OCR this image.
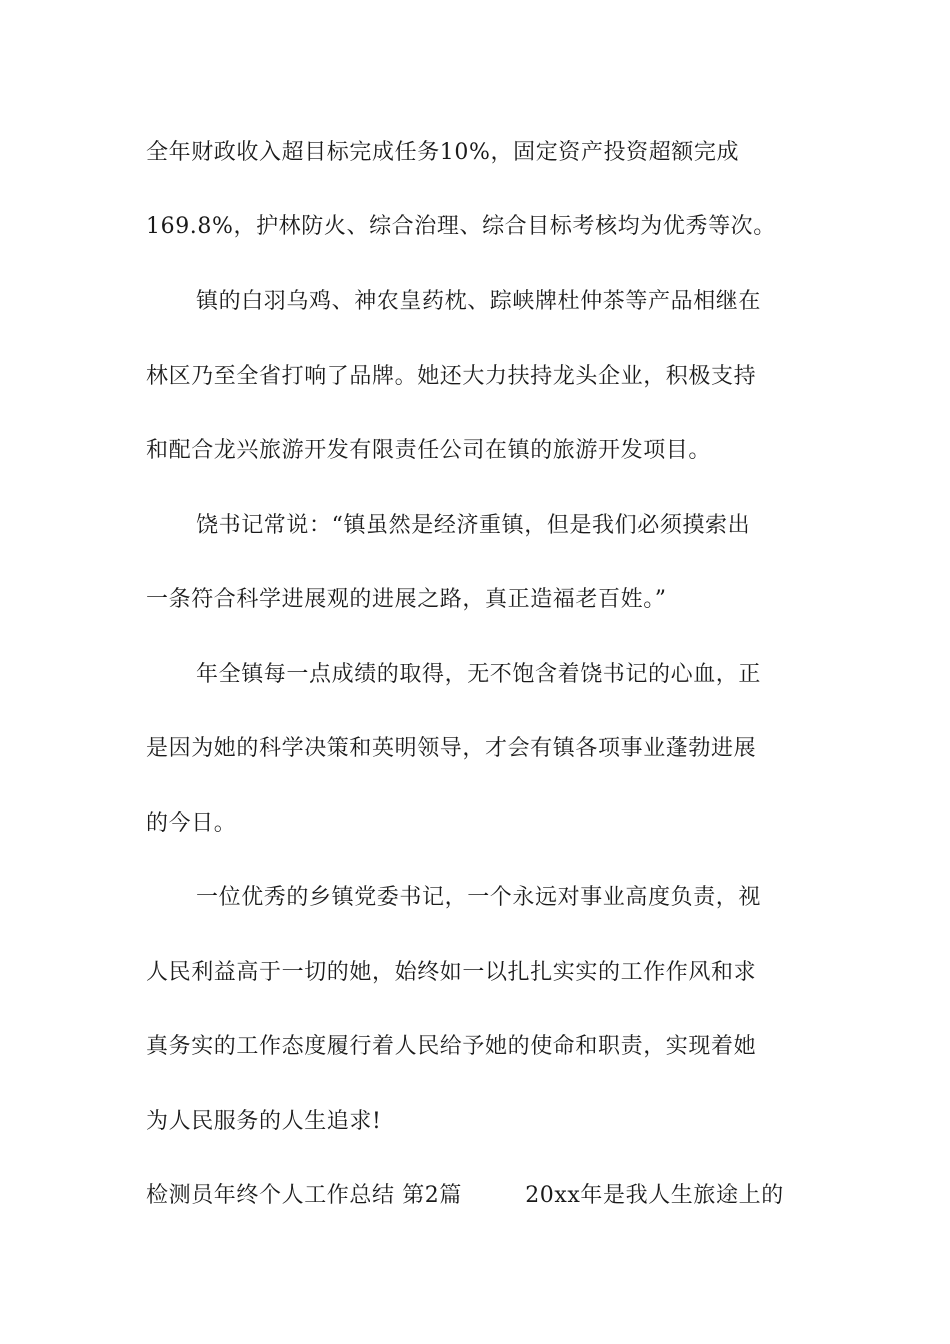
全年财政收入超目标完成任务10%，固定资产投资超额完成
169.8%，护林防火、综合治理、综合目标考核均为优秀等次。
镇的白羽乌鸡、神农皇药枕、踪峡牌杜仲茶等产品相继在
林区乃至全省打响了品牌。她还大力扶持龙头企业，积极支持
和配合龙兴旅游开发有限责任公司在镇的旅游开发项目。
饶书记常说：“镇虽然是经济重镇，但是我们必须摸索出
一条符合科学进展观的进展之路，真正造福老百姓。”
年全镇每一点成绩的取得，无不饱含着饶书记的心血，正
是因为她的科学决策和英明领导，才会有镇各项事业蓬勃进展
的今日。
一位优秀的乡镇党委书记，一个永远对事业高度负责，视
人民利益高于一切的她，始终如一以扎扎实实的工作作风和求
真务实的工作态度履行着人民给予她的使命和职责，实现着她
为人民服务的人生追求!
检测员年终个人工作总结 第2篇	20xx年是我人生旅途上的
